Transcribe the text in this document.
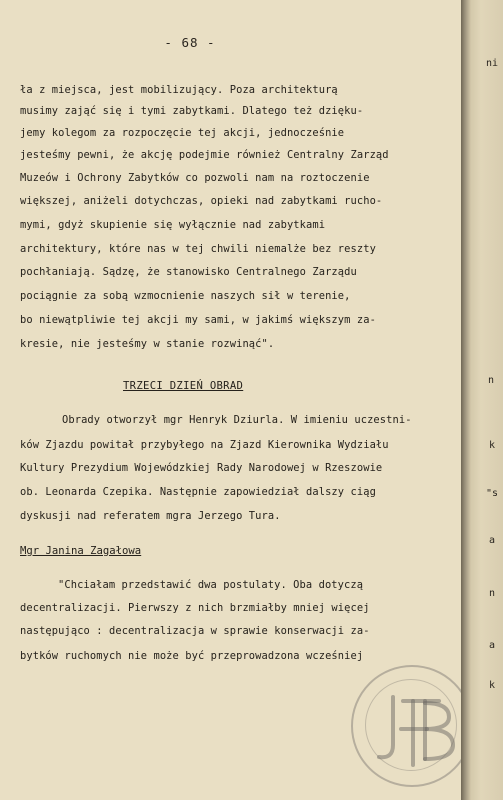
- 68 -
ła z miejsca, jest mobilizujący. Poza architekturą
musimy zająć się i tymi zabytkami. Dlatego też dzięku-
jemy kolegom za rozpoczęcie tej akcji, jednocześnie
jesteśmy pewni, że akcję podejmie również Centralny Zarząd
Muzeów i Ochrony Zabytków co pozwoli nam na roztoczenie
większej, aniżeli dotychczas, opieki nad zabytkami rucho-
mymi, gdyż skupienie się wyłącznie nad zabytkami
architektury, które nas w tej chwili niemalże bez reszty
pochłaniają. Sądzę, że stanowisko Centralnego Zarządu
pociągnie za sobą wzmocnienie naszych sił w terenie,
bo niewątpliwie tej akcji my sami, w jakimś większym za-
kresie, nie jesteśmy w stanie rozwinąć".
TRZECI DZIEŃ OBRAD
Obrady otworzył mgr Henryk Dziurla. W imieniu uczestni-
ków Zjazdu powitał przybyłego na Zjazd Kierownika Wydziału
Kultury Prezydium Wojewódzkiej Rady Narodowej w Rzeszowie
ob. Leonarda Czepika. Następnie zapowiedział dalszy ciąg
dyskusji nad referatem mgra Jerzego Tura.
Mgr Janina Zagałowa
"Chciałam przedstawić dwa postulaty. Oba dotyczą
decentralizacji. Pierwszy z nich brzmiałby mniej więcej
następująco : decentralizacja w sprawie konserwacji za-
bytków ruchomych nie może być przeprowadzona wcześniej
ni
n
k
"s
a
n
a
k
